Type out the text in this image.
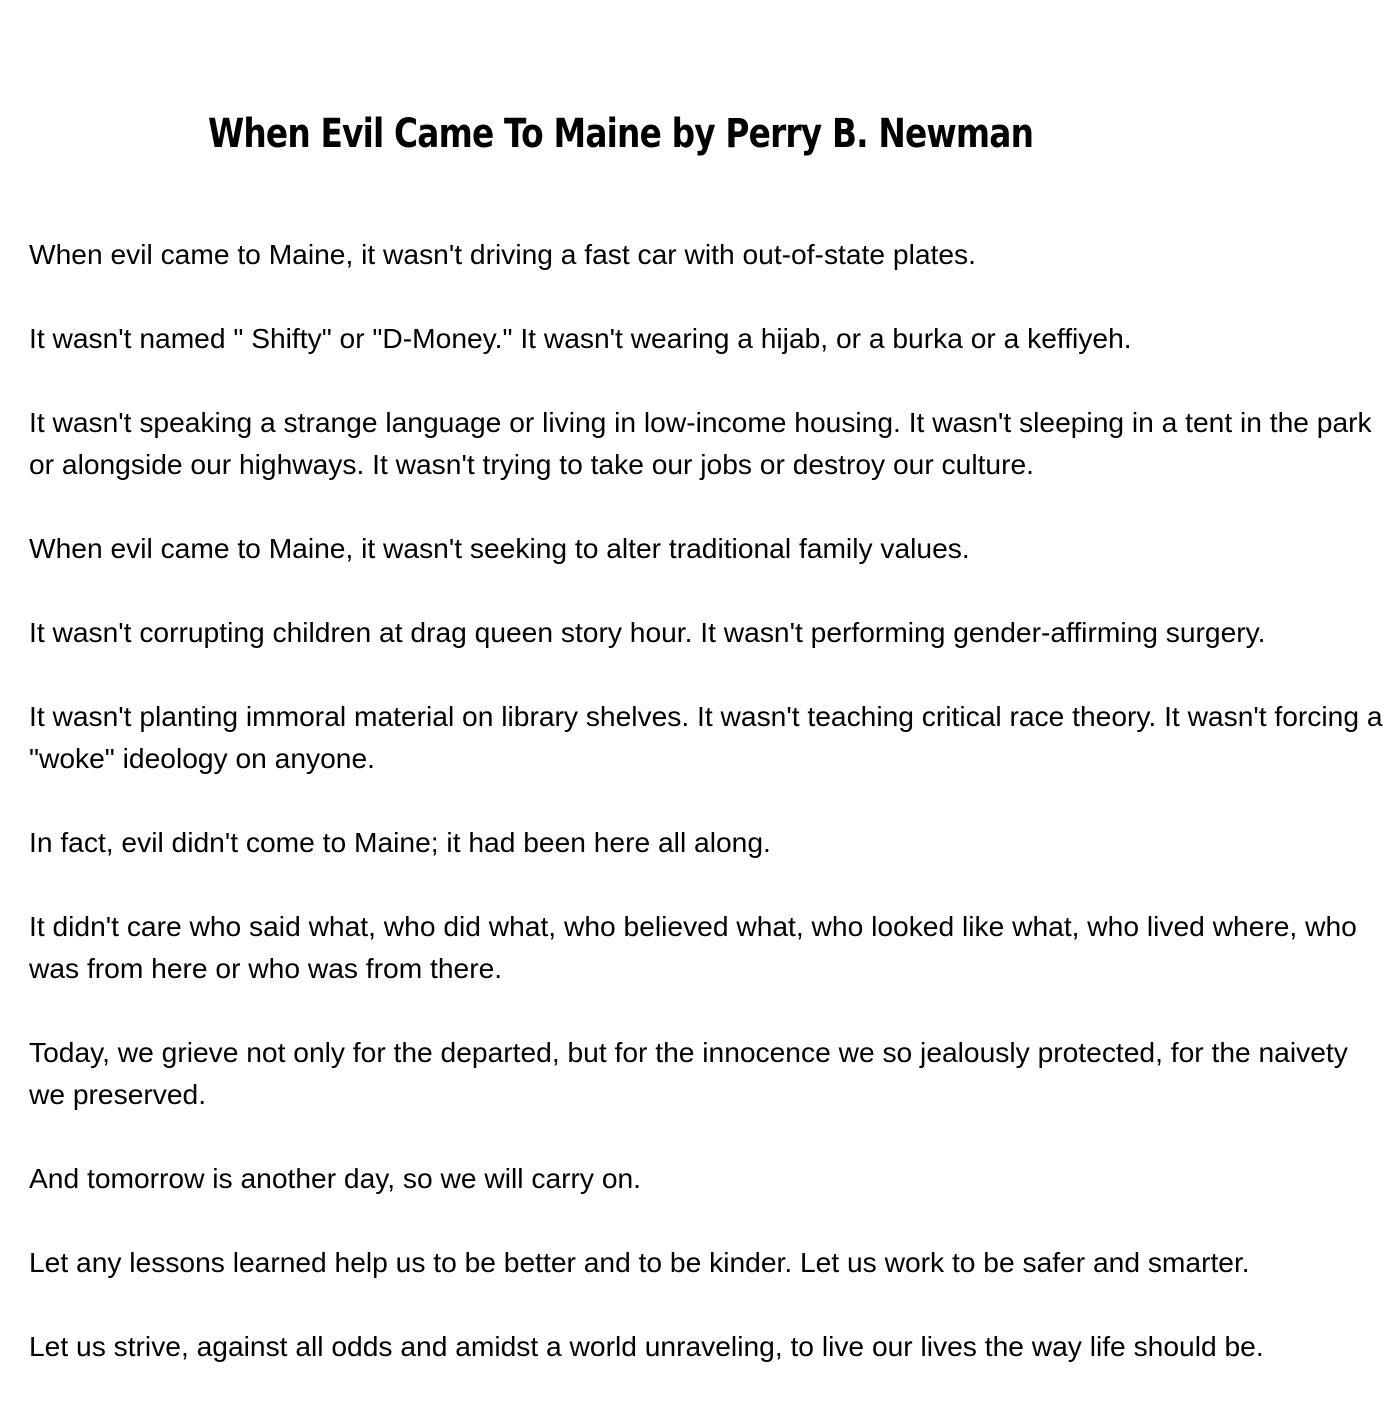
When Evil Came To Maine by Perry B. Newman

When evil came to Maine, it wasn't driving a fast car with out-of-state plates.

It wasn't named " Shifty" or "D-Money." It wasn't wearing a hijab, or a burka or a keffiyeh.

It wasn't speaking a strange language or living in low-income housing. It wasn't sleeping in a tent in the park or alongside our highways. It wasn't trying to take our jobs or destroy our culture.

When evil came to Maine, it wasn't seeking to alter traditional family values.

It wasn't corrupting children at drag queen story hour. It wasn't performing gender-affirming surgery.

It wasn't planting immoral material on library shelves. It wasn't teaching critical race theory. It wasn't forcing a "woke" ideology on anyone.

In fact, evil didn't come to Maine; it had been here all along.

It didn't care who said what, who did what, who believed what, who looked like what, who lived where, who was from here or who was from there.

Today, we grieve not only for the departed, but for the innocence we so jealously protected, for the naivety we preserved.

And tomorrow is another day, so we will carry on.

Let any lessons learned help us to be better and to be kinder. Let us work to be safer and smarter.

Let us strive, against all odds and amidst a world unraveling, to live our lives the way life should be.
